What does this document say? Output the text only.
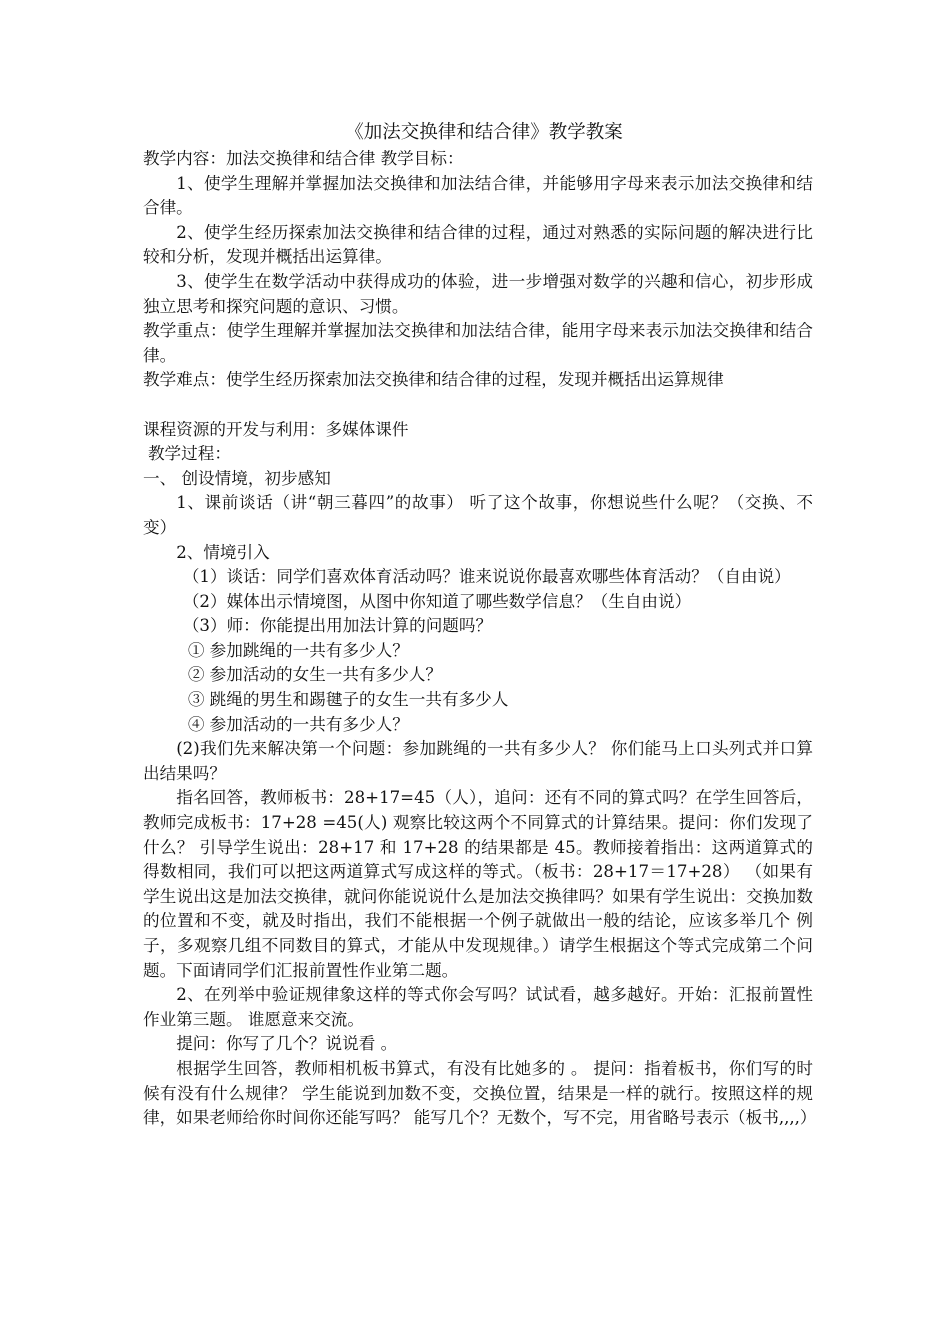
《加法交换律和结合律》教学教案

教学内容：加法交换律和结合律 教学目标：

1、使学生理解并掌握加法交换律和加法结合律，并能够用字母来表示加法交换律和结合律。

2、使学生经历探索加法交换律和结合律的过程，通过对熟悉的实际问题的解决进行比较和分析，发现并概括出运算律。

3、使学生在数学活动中获得成功的体验，进一步增强对数学的兴趣和信心，初步形成独立思考和探究问题的意识、习惯。

教学重点：使学生理解并掌握加法交换律和加法结合律，能用字母来表示加法交换律和结合律。

教学难点：使学生经历探索加法交换律和结合律的过程，发现并概括出运算规律

课程资源的开发与利用：多媒体课件

教学过程：

一、 创设情境，初步感知

1、课前谈话（讲“朝三暮四”的故事） 听了这个故事，你想说些什么呢？（交换、不变）

2、情境引入

（1）谈话：同学们喜欢体育活动吗？谁来说说你最喜欢哪些体育活动？（自由说）

（2）媒体出示情境图，从图中你知道了哪些数学信息？（生自由说）

（3）师：你能提出用加法计算的问题吗？

① 参加跳绳的一共有多少人？

② 参加活动的女生一共有多少人？

③ 跳绳的男生和踢毽子的女生一共有多少人

④ 参加活动的一共有多少人？

(2)我们先来解决第一个问题：参加跳绳的一共有多少人？ 你们能马上口头列式并口算出结果吗？

指名回答，教师板书：28+17=45（人），追问：还有不同的算式吗？在学生回答后，教师完成板书：17+28 =45(人) 观察比较这两个不同算式的计算结果。提问：你们发现了什么？ 引导学生说出：28+17 和 17+28 的结果都是 45。教师接着指出：这两道算式的得数相同，我们可以把这两道算式写成这样的等式。（板书：28+17＝17+28） （如果有学生说出这是加法交换律，就问你能说说什么是加法交换律吗？如果有学生说出：交换加数的位置和不变，就及时指出，我们不能根据一个例子就做出一般的结论，应该多举几个 例子，多观察几组不同数目的算式，才能从中发现规律。）请学生根据这个等式完成第二个问题。下面请同学们汇报前置性作业第二题。

2、在列举中验证规律象这样的等式你会写吗？试试看，越多越好。开始：汇报前置性作业第三题。 谁愿意来交流。

提问：你写了几个？说说看 。

根据学生回答，教师相机板书算式，有没有比她多的 。 提问：指着板书，你们写的时候有没有什么规律？ 学生能说到加数不变，交换位置，结果是一样的就行。按照这样的规律，如果老师给你时间你还能写吗？ 能写几个？无数个，写不完，用省略号表示（板书,,,,）
